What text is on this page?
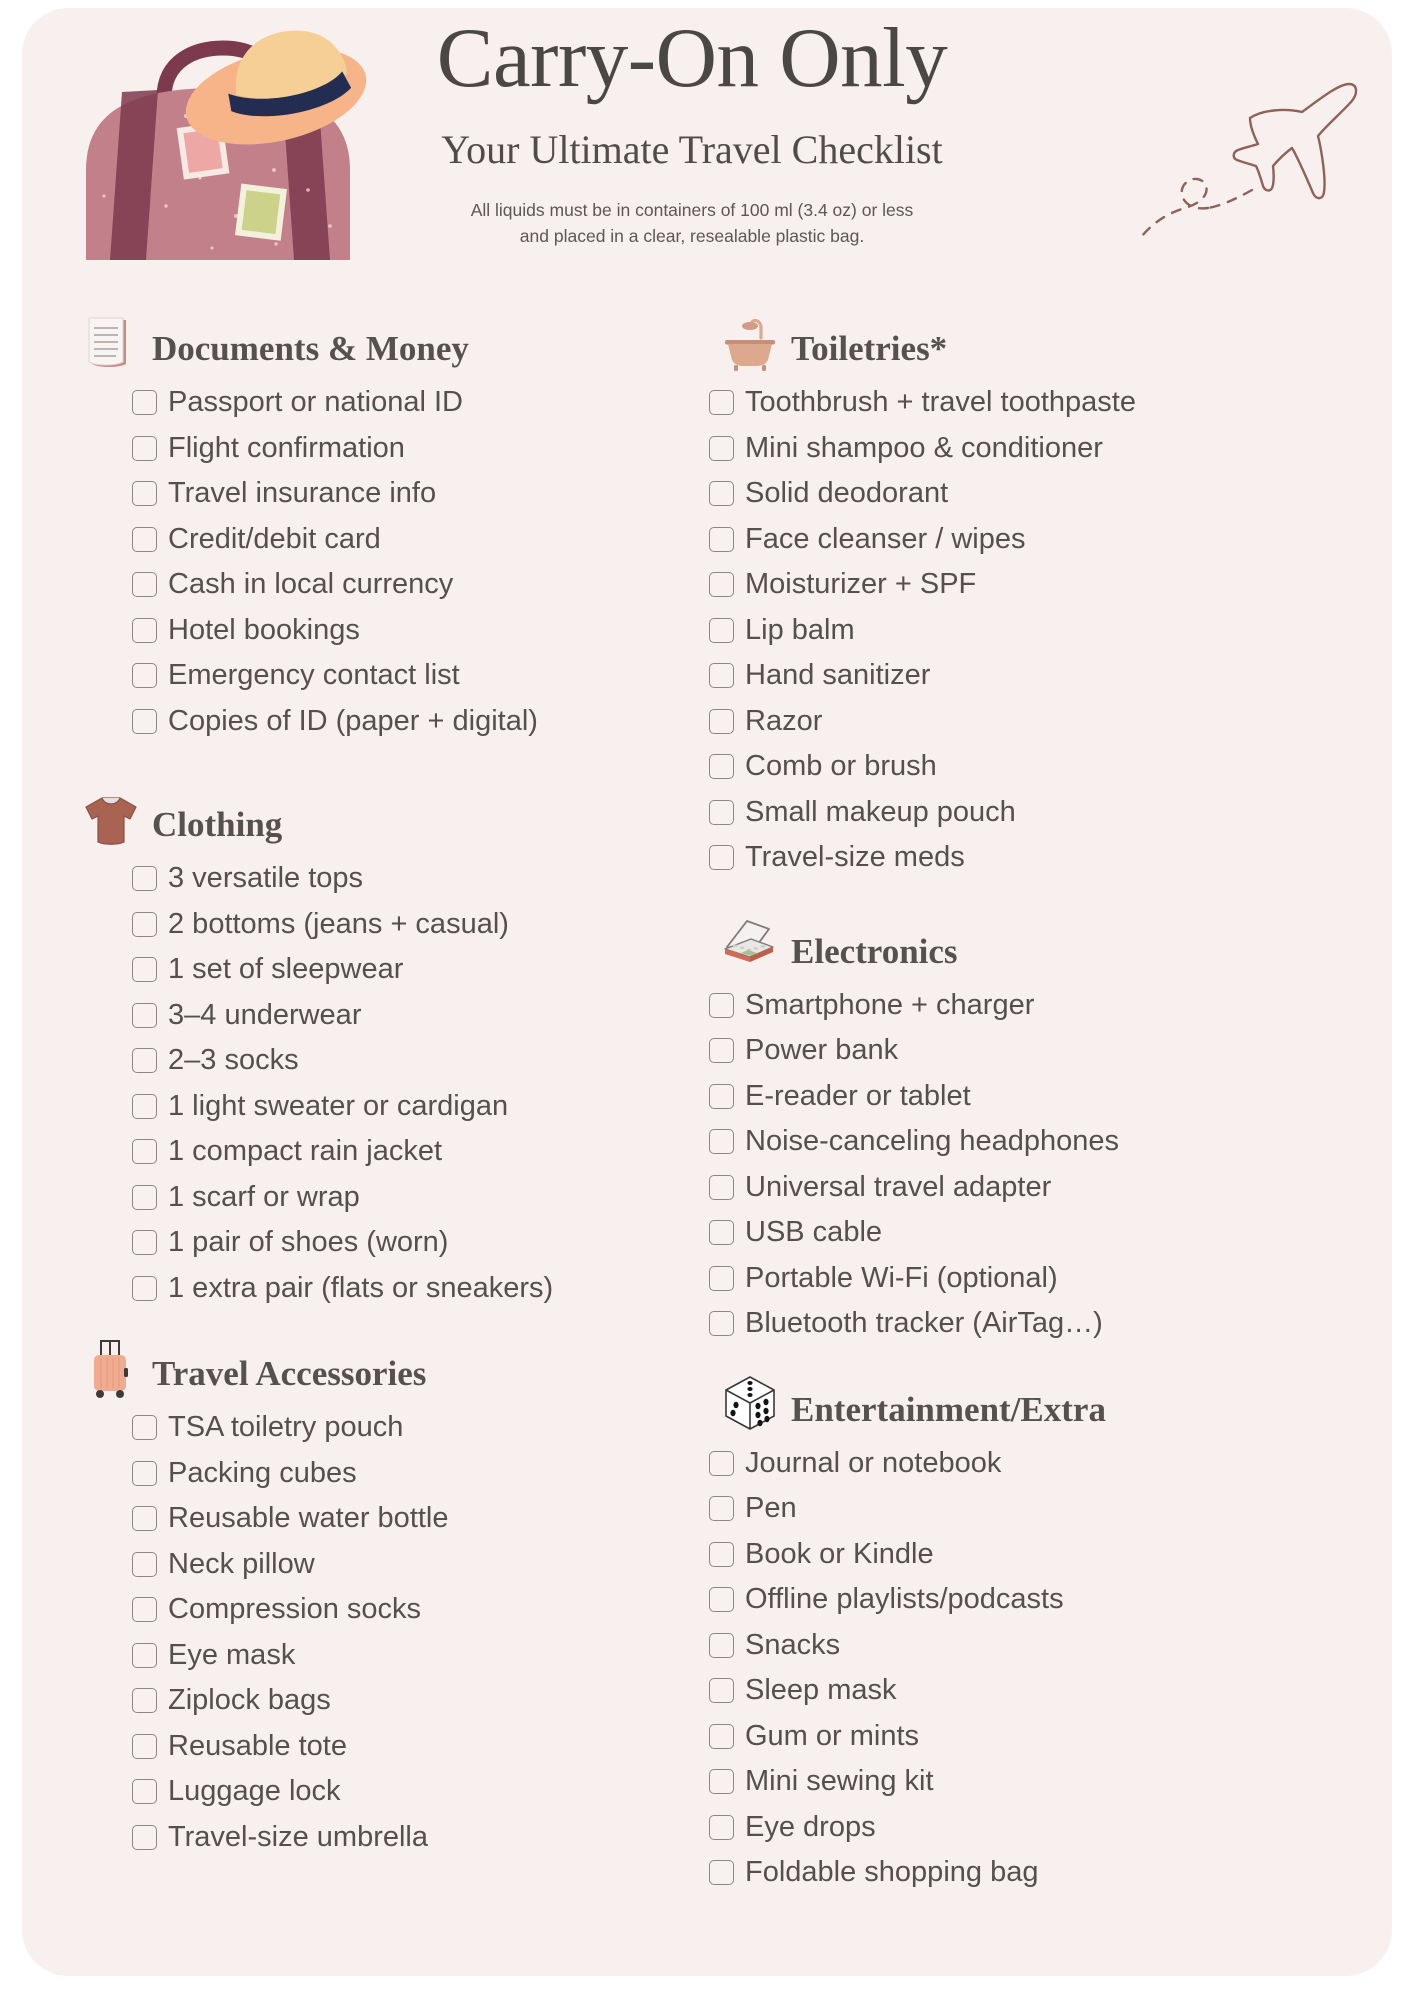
Carry-On Only
Your Ultimate Travel Checklist
All liquids must be in containers of 100 ml (3.4 oz) or less
and placed in a clear, resealable plastic bag.
Documents & Money
Passport or national ID
Flight confirmation
Travel insurance info
Credit/debit card
Cash in local currency
Hotel bookings
Emergency contact list
Copies of ID (paper + digital)
Clothing
3 versatile tops
2 bottoms (jeans + casual)
1 set of sleepwear
3–4 underwear
2–3 socks
1 light sweater or cardigan
1 compact rain jacket
1 scarf or wrap
1 pair of shoes (worn)
1 extra pair (flats or sneakers)
Travel Accessories
TSA toiletry pouch
Packing cubes
Reusable water bottle
Neck pillow
Compression socks
Eye mask
Ziplock bags
Reusable tote
Luggage lock
Travel-size umbrella
Toiletries*
Toothbrush + travel toothpaste
Mini shampoo & conditioner
Solid deodorant
Face cleanser / wipes
Moisturizer + SPF
Lip balm
Hand sanitizer
Razor
Comb or brush
Small makeup pouch
Travel-size meds
Electronics
Smartphone + charger
Power bank
E-reader or tablet
Noise-canceling headphones
Universal travel adapter
USB cable
Portable Wi-Fi (optional)
Bluetooth tracker (AirTag…)
Entertainment/Extra
Journal or notebook
Pen
Book or Kindle
Offline playlists/podcasts
Snacks
Sleep mask
Gum or mints
Mini sewing kit
Eye drops
Foldable shopping bag
